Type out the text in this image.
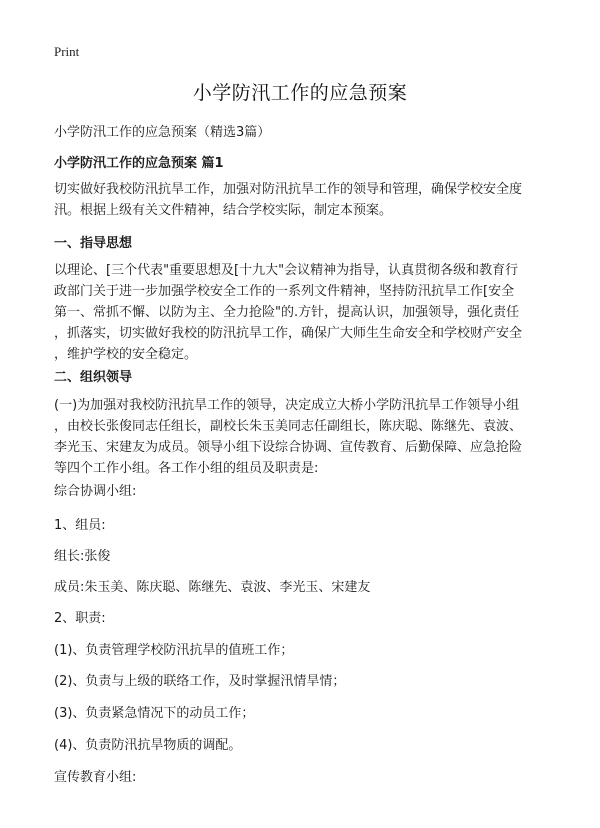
Print
小学防汛工作的应急预案
小学防汛工作的应急预案（精选3篇）
小学防汛工作的应急预案 篇1
切实做好我校防汛抗旱工作，加强对防汛抗旱工作的领导和管理，确保学校安全度
汛。根据上级有关文件精神，结合学校实际，制定本预案。
一、指导思想
以理论、[三个代表"重要思想及[十九大"会议精神为指导，认真贯彻各级和教育行
政部门关于进一步加强学校安全工作的一系列文件精神，坚持防汛抗旱工作[安全
第一、常抓不懈、以防为主、全力抢险"的.方针，提高认识，加强领导，强化责任
，抓落实，切实做好我校的防汛抗旱工作，确保广大师生生命安全和学校财产安全
，维护学校的安全稳定。
二、组织领导
(一)为加强对我校防汛抗旱工作的领导，决定成立大桥小学防汛抗旱工作领导小组
，由校长张俊同志任组长，副校长朱玉美同志任副组长，陈庆聪、陈继先、袁波、
李光玉、宋建友为成员。领导小组下设综合协调、宣传教育、后勤保障、应急抢险
等四个工作小组。各工作小组的组员及职责是:
综合协调小组:
1、组员:
组长:张俊
成员:朱玉美、陈庆聪、陈继先、袁波、李光玉、宋建友
2、职责:
(1)、负责管理学校防汛抗旱的值班工作；
(2)、负责与上级的联络工作，及时掌握汛情旱情；
(3)、负责紧急情况下的动员工作；
(4)、负责防汛抗旱物质的调配。
宣传教育小组:
